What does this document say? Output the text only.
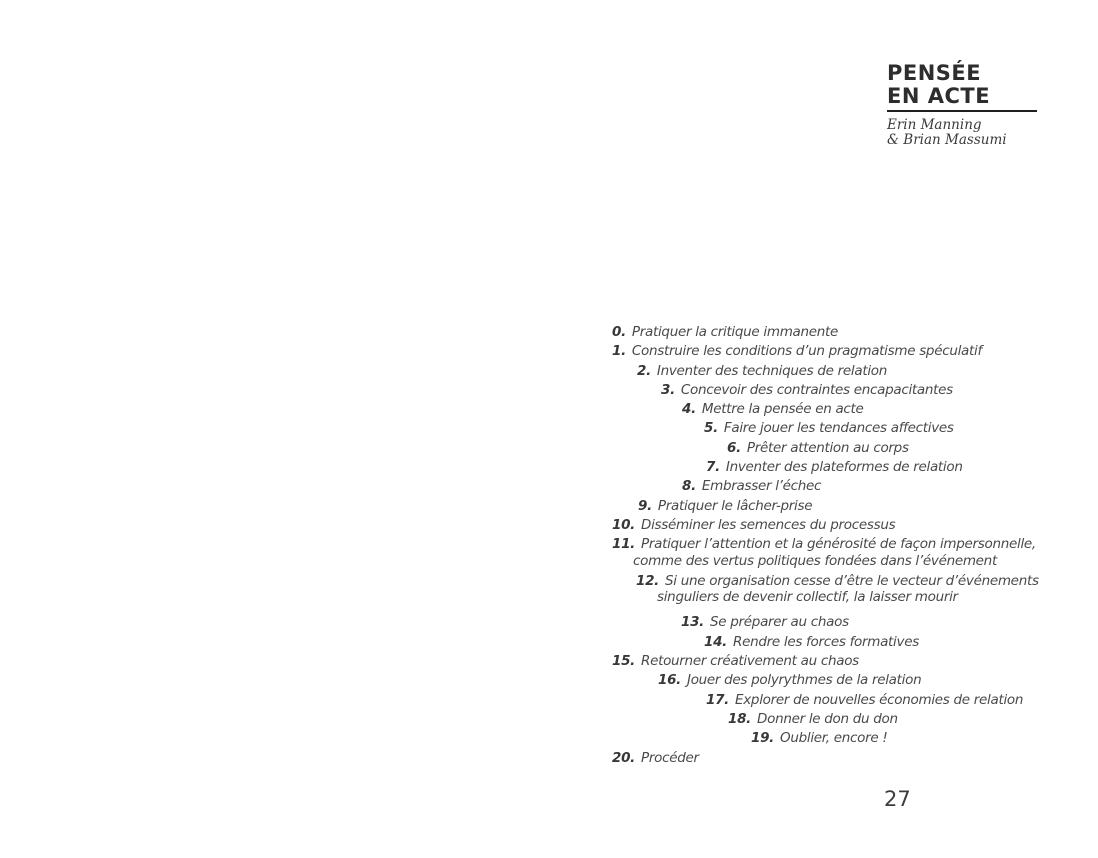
PENSÉE
EN ACTE
Erin Manning
& Brian Massumi
0. Pratiquer la critique immanente
1. Construire les conditions d’un pragmatisme spéculatif
2. Inventer des techniques de relation
3. Concevoir des contraintes encapacitantes
4. Mettre la pensée en acte
5. Faire jouer les tendances affectives
6. Prêter attention au corps
7. Inventer des plateformes de relation
8. Embrasser l’échec
9. Pratiquer le lâcher-prise
10. Disséminer les semences du processus
11. Pratiquer l’attention et la générosité de façon impersonnelle,
comme des vertus politiques fondées dans l’événement
12. Si une organisation cesse d’être le vecteur d’événements
singuliers de devenir collectif, la laisser mourir
13. Se préparer au chaos
14. Rendre les forces formatives
15. Retourner créativement au chaos
16. Jouer des polyrythmes de la relation
17. Explorer de nouvelles économies de relation
18. Donner le don du don
19. Oublier, encore !
20. Procéder
27
